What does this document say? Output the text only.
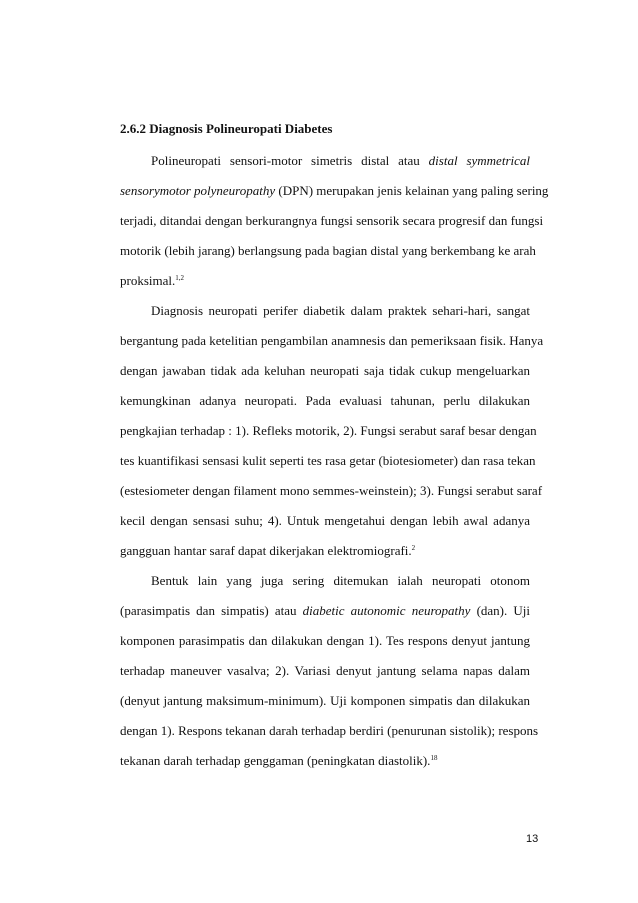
2.6.2 Diagnosis Polineuropati Diabetes
Polineuropati sensori-motor simetris distal atau distal symmetrical
sensorymotor polyneuropathy (DPN) merupakan jenis kelainan yang paling sering
terjadi, ditandai dengan berkurangnya fungsi sensorik secara progresif dan fungsi
motorik (lebih jarang) berlangsung pada bagian distal yang berkembang ke arah
proksimal.$^{1,2}$
Diagnosis neuropati perifer diabetik dalam praktek sehari-hari, sangat
bergantung pada ketelitian pengambilan anamnesis dan pemeriksaan fisik. Hanya
dengan jawaban tidak ada keluhan neuropati saja tidak cukup mengeluarkan
kemungkinan adanya neuropati. Pada evaluasi tahunan, perlu dilakukan
pengkajian terhadap : 1). Refleks motorik, 2). Fungsi serabut saraf besar dengan
tes kuantifikasi sensasi kulit seperti tes rasa getar (biotesiometer) dan rasa tekan
(estesiometer dengan filament mono semmes-weinstein); 3). Fungsi serabut saraf
kecil dengan sensasi suhu; 4). Untuk mengetahui dengan lebih awal adanya
gangguan hantar saraf dapat dikerjakan elektromiografi.$^2$
Bentuk lain yang juga sering ditemukan ialah neuropati otonom
(parasimpatis dan simpatis) atau diabetic autonomic neuropathy (dan). Uji
komponen parasimpatis dan dilakukan dengan 1). Tes respons denyut jantung
terhadap maneuver vasalva; 2). Variasi denyut jantung selama napas dalam
(denyut jantung maksimum-minimum). Uji komponen simpatis dan dilakukan
dengan 1). Respons tekanan darah terhadap berdiri (penurunan sistolik); respons
tekanan darah terhadap genggaman (peningkatan diastolik).$^{18}$
13
